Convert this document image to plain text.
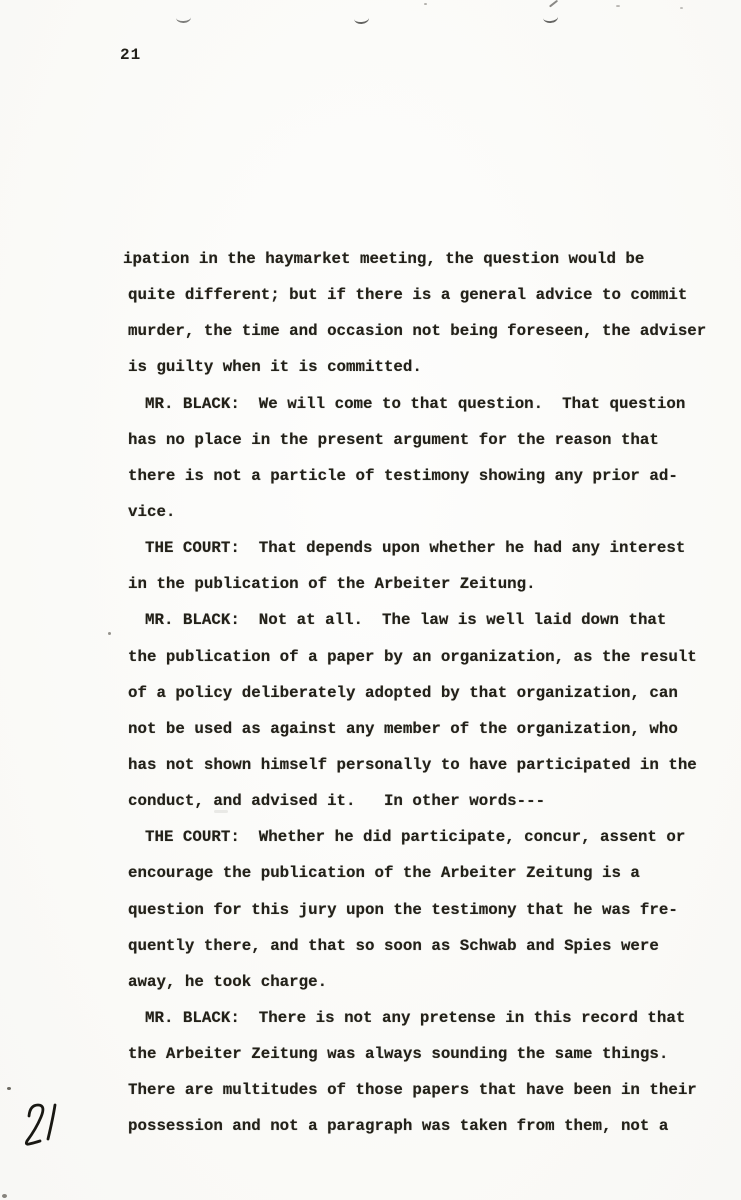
21
ipation in the haymarket meeting, the question would be
quite different; but if there is a general advice to commit
murder, the time and occasion not being foreseen, the adviser
is guilty when it is committed.
MR. BLACK:  We will come to that question.  That question
has no place in the present argument for the reason that
there is not a particle of testimony showing any prior ad-
vice.
THE COURT:  That depends upon whether he had any interest
in the publication of the Arbeiter Zeitung.
MR. BLACK:  Not at all.  The law is well laid down that
the publication of a paper by an organization, as the result
of a policy deliberately adopted by that organization, can
not be used as against any member of the organization, who
has not shown himself personally to have participated in the
conduct, and advised it.   In other words---
THE COURT:  Whether he did participate, concur, assent or
encourage the publication of the Arbeiter Zeitung is a
question for this jury upon the testimony that he was fre-
quently there, and that so soon as Schwab and Spies were
away, he took charge.
MR. BLACK:  There is not any pretense in this record that
the Arbeiter Zeitung was always sounding the same things.
There are multitudes of those papers that have been in their
possession and not a paragraph was taken from them, not a
